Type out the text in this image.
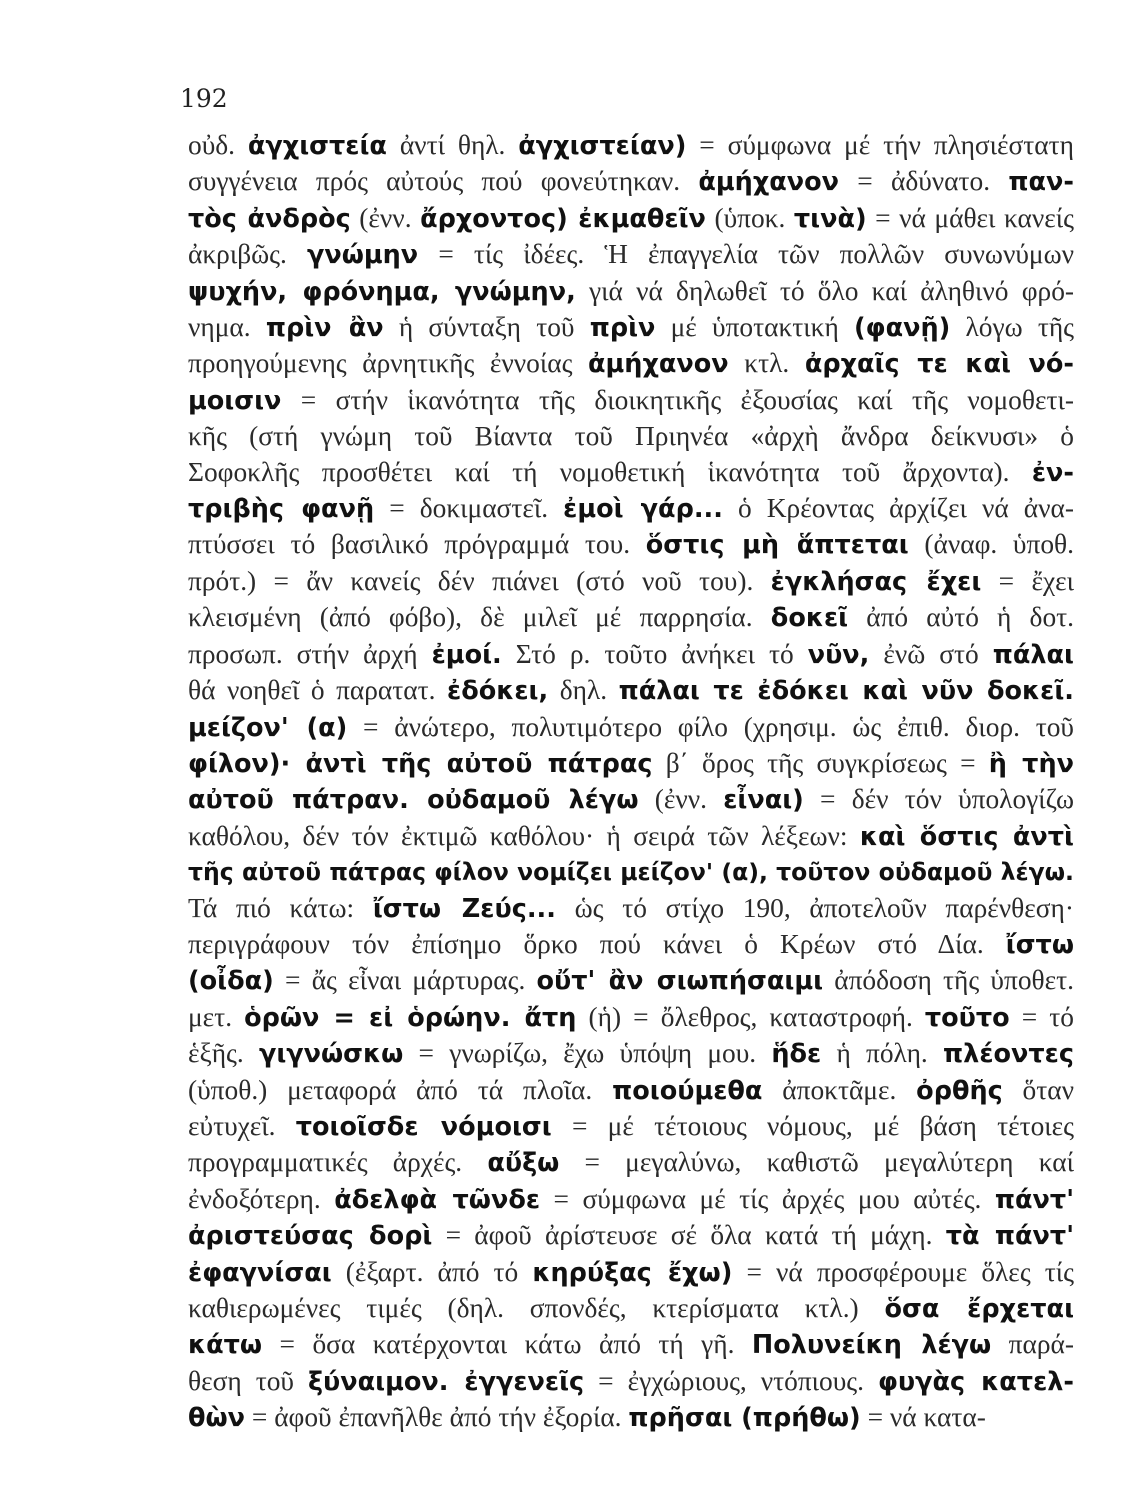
192
οὐδ. ἀγχιστεία ἀντί θηλ. ἀγχιστείαν) = σύμφωνα μέ τήν πλησιέστατη
συγγένεια πρός αὐτούς πού φονεύτηκαν. ἀμήχανον = ἀδύνατο. παν-
τὸς ἀνδρὸς (ἐνν. ἄρχοντος) ἐκμαθεῖν (ὑποκ. τινὰ) = νά μάθει κανείς
ἀκριβῶς. γνώμην = τίς ἰδέες. Ἡ ἐπαγγελία τῶν πολλῶν συνωνύμων
ψυχήν, φρόνημα, γνώμην, γιά νά δηλωθεῖ τό ὅλο καί ἀληθινό φρό-
νημα. πρὶν ἂν ἡ σύνταξη τοῦ πρὶν μέ ὑποτακτική (φανῇ) λόγω τῆς
προηγούμενης ἀρνητικῆς ἐννοίας ἀμήχανον κτλ. ἀρχαῖς τε καὶ νό-
μοισιν = στήν ἱκανότητα τῆς διοικητικῆς ἐξουσίας καί τῆς νομοθετι-
κῆς (στή γνώμη τοῦ Βίαντα τοῦ Πριηνέα «ἀρχὴ ἄνδρα δείκνυσι» ὁ
Σοφοκλῆς προσθέτει καί τή νομοθετική ἱκανότητα τοῦ ἄρχοντα). ἐν-
τριβὴς φανῇ = δοκιμαστεῖ. ἐμοὶ γάρ... ὁ Κρέοντας ἀρχίζει νά ἀνα-
πτύσσει τό βασιλικό πρόγραμμά του. ὅστις μὴ ἅπτεται (ἀναφ. ὑποθ.
πρότ.) = ἄν κανείς δέν πιάνει (στό νοῦ του). ἐγκλήσας ἔχει = ἔχει
κλεισμένη (ἀπό φόβο), δὲ μιλεῖ μέ παρρησία. δοκεῖ ἀπό αὐτό ἡ δοτ.
προσωπ. στήν ἀρχή ἐμοί. Στό ρ. τοῦτο ἀνήκει τό νῦν, ἐνῶ στό πάλαι
θά νοηθεῖ ὁ παρατατ. ἐδόκει, δηλ. πάλαι τε ἐδόκει καὶ νῦν δοκεῖ.
μείζον' (α) = ἀνώτερο, πολυτιμότερο φίλο (χρησιμ. ὡς ἐπιθ. διορ. τοῦ
φίλον)· ἀντὶ τῆς αὐτοῦ πάτρας β΄ ὅρος τῆς συγκρίσεως = ἢ τὴν
αὐτοῦ πάτραν. οὐδαμοῦ λέγω (ἐνν. εἶναι) = δέν τόν ὑπολογίζω
καθόλου, δέν τόν ἐκτιμῶ καθόλου· ἡ σειρά τῶν λέξεων: καὶ ὅστις ἀντὶ
τῆς αὐτοῦ πάτρας φίλον νομίζει μείζον' (α), τοῦτον οὐδαμοῦ λέγω.
Τά πιό κάτω: ἴστω Ζεύς... ὡς τό στίχο 190, ἀποτελοῦν παρένθεση·
περιγράφουν τόν ἐπίσημο ὅρκο πού κάνει ὁ Κρέων στό Δία. ἴστω
(οἶδα) = ἄς εἶναι μάρτυρας. οὔτ' ἂν σιωπήσαιμι ἀπόδοση τῆς ὑποθετ.
μετ. ὁρῶν = εἰ ὁρώην. ἄτη (ἡ) = ὄλεθρος, καταστροφή. τοῦτο = τό
ἑξῆς. γιγνώσκω = γνωρίζω, ἔχω ὑπόψη μου. ἥδε ἡ πόλη. πλέοντες
(ὑποθ.) μεταφορά ἀπό τά πλοῖα. ποιούμεθα ἀποκτᾶμε. ὀρθῆς ὅταν
εὐτυχεῖ. τοιοῖσδε νόμοισι = μέ τέτοιους νόμους, μέ βάση τέτοιες
προγραμματικές ἀρχές. αὔξω = μεγαλύνω, καθιστῶ μεγαλύτερη καί
ἐνδοξότερη. ἀδελφὰ τῶνδε = σύμφωνα μέ τίς ἀρχές μου αὐτές. πάντ'
ἀριστεύσας δορὶ = ἀφοῦ ἀρίστευσε σέ ὅλα κατά τή μάχη. τὰ πάντ'
ἐφαγνίσαι (ἐξαρτ. ἀπό τό κηρύξας ἔχω) = νά προσφέρουμε ὅλες τίς
καθιερωμένες τιμές (δηλ. σπονδές, κτερίσματα κτλ.) ὅσα ἔρχεται
κάτω = ὅσα κατέρχονται κάτω ἀπό τή γῆ. Πολυνείκη λέγω παρά-
θεση τοῦ ξύναιμον. ἐγγενεῖς = ἐγχώριους, ντόπιους. φυγὰς κατελ-
θὼν = ἀφοῦ ἐπανῆλθε ἀπό τήν ἐξορία. πρῆσαι (πρήθω) = νά κατα-
